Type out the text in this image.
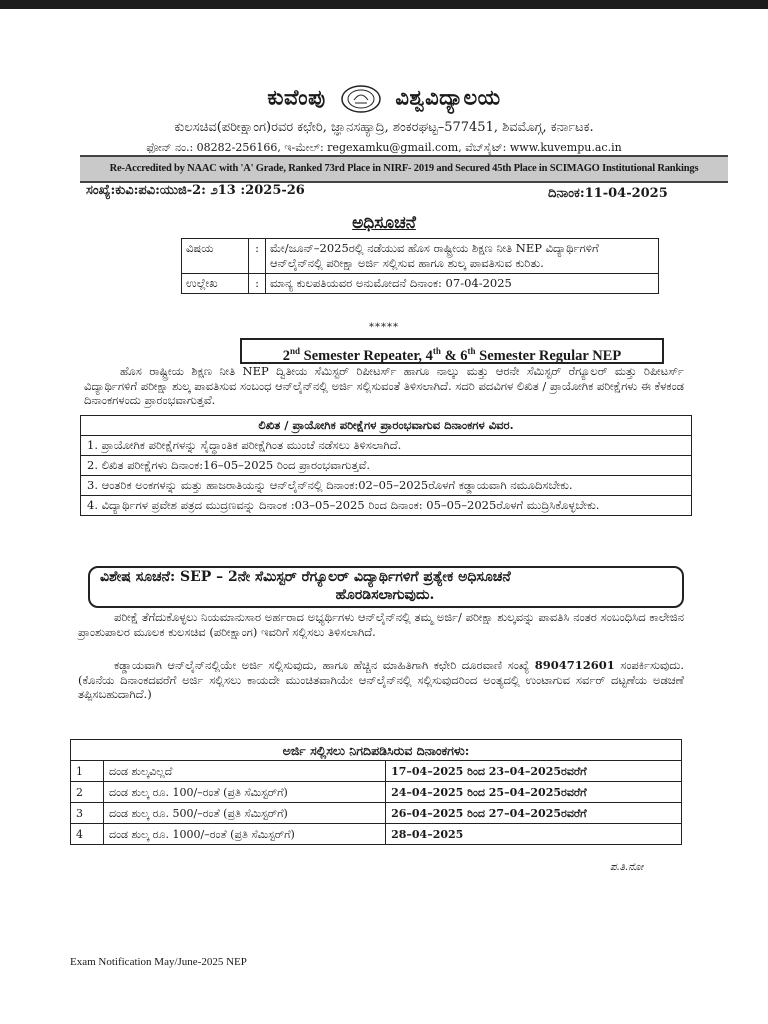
ಕುವೆಂಪು	ವಿಶ್ವವಿದ್ಯಾಲಯ
ಕುಲಸಚಿವ(ಪರೀಕ್ಷಾಂಗ)ರವರ ಕಛೇರಿ, ಜ್ಞಾನಸಹ್ಯಾದ್ರಿ, ಶಂಕರಘಟ್ಟ–577451, ಶಿವಮೊಗ್ಗ, ಕರ್ನಾಟಕ.
ಫೋನ್ ನಂ.: 08282-256166, ಇ-ಮೇಲ್: regexamku@gmail.com, ವೆಬ್‌ಸೈಟ್: www.kuvempu.ac.in
Re-Accredited by NAAC with 'A' Grade, Ranked 73rd Place in NIRF- 2019 and Secured 45th Place in SCIMAGO Institutional Rankings
ಸಂಖ್ಯೆ:ಕುವಿ:ಪವಿ:ಯುಜಿ-2: ೨13 :2025-26	ದಿನಾಂಕ:11-04-2025
ಅಧಿಸೂಚನೆ
ವಿಷಯ	:	ಮೇ/ಜೂನ್–2025ರಲ್ಲಿ ನಡೆಯುವ ಹೊಸ ರಾಷ್ಟ್ರೀಯ ಶಿಕ್ಷಣ ನೀತಿ NEP ವಿದ್ಯಾರ್ಥಿಗಳಿಗೆ ಆನ್‌ಲೈನ್‌ನಲ್ಲಿ ಪರೀಕ್ಷಾ ಅರ್ಜಿ ಸಲ್ಲಿಸುವ ಹಾಗೂ ಶುಲ್ಕ ಪಾವತಿಸುವ ಕುರಿತು.
ಉಲ್ಲೇಖ	:	ಮಾನ್ಯ ಕುಲಪತಿಯವರ ಅನುಮೋದನೆ ದಿನಾಂಕ: 07-04-2025
*****
2nd Semester Repeater, 4th & 6th Semester Regular NEP
ಹೊಸ ರಾಷ್ಟ್ರೀಯ ಶಿಕ್ಷಣ ನೀತಿ NEP ದ್ವಿತೀಯ ಸೆಮಿಸ್ಟರ್ ರಿಪೀಟರ್ಸ್ ಹಾಗೂ ನಾಲ್ಕು ಮತ್ತು ಆರನೇ ಸೆಮಿಸ್ಟರ್ ರೆಗ್ಯೂಲರ್ ಮತ್ತು ರಿಪೀಟರ್ಸ್ ವಿದ್ಯಾರ್ಥಿಗಳಿಗೆ ಪರೀಕ್ಷಾ ಶುಲ್ಕ ಪಾವತಿಸುವ ಸಂಬಂಧ ಆನ್‌ಲೈನ್‌ನಲ್ಲಿ ಅರ್ಜಿ ಸಲ್ಲಿಸುವಂತೆ ತಿಳಿಸಲಾಗಿದೆ. ಸದರಿ ಪದವಿಗಳ ಲಿಖಿತ / ಪ್ರಾಯೋಗಿಕ ಪರೀಕ್ಷೆಗಳು ಈ ಕೆಳಕಂಡ ದಿನಾಂಕಗಳಂದು ಪ್ರಾರಂಭವಾಗುತ್ತವೆ.
ಲಿಖಿತ / ಪ್ರಾಯೋಗಿಕ ಪರೀಕ್ಷೆಗಳ ಪ್ರಾರಂಭವಾಗುವ ದಿನಾಂಕಗಳ ವಿವರ.
1. ಪ್ರಾಯೋಗಿಕ ಪರೀಕ್ಷೆಗಳನ್ನು ಸೈದ್ಧಾಂತಿಕ ಪರೀಕ್ಷೆಗಿಂತ ಮುಂಚೆ ನಡೆಸಲು ತಿಳಿಸಲಾಗಿದೆ.
2. ಲಿಖಿತ ಪರೀಕ್ಷೆಗಳು ದಿನಾಂಕ:16–05–2025 ರಿಂದ ಪ್ರಾರಂಭವಾಗುತ್ತವೆ.
3. ಆಂತರಿಕ ಅಂಕಗಳನ್ನು ಮತ್ತು ಹಾಜರಾತಿಯನ್ನು ಆನ್‌ಲೈನ್‌ನಲ್ಲಿ ದಿನಾಂಕ:02–05–2025ರೊಳಗೆ ಕಡ್ಡಾಯವಾಗಿ ನಮೂದಿಸಬೇಕು.
4. ವಿದ್ಯಾರ್ಥಿಗಳ ಪ್ರವೇಶ ಪತ್ರದ ಮುದ್ರಣವನ್ನು ದಿನಾಂಕ :03–05–2025 ರಿಂದ ದಿನಾಂಕ: 05–05–2025ರೊಳಗೆ ಮುದ್ರಿಸಿಕೊಳ್ಳಬೇಕು.
ವಿಶೇಷ ಸೂಚನೆ: SEP – 2ನೇ ಸೆಮಿಸ್ಟರ್ ರೆಗ್ಯೂಲರ್ ವಿದ್ಯಾರ್ಥಿಗಳಿಗೆ ಪ್ರತ್ಯೇಕ ಅಧಿಸೂಚನೆ
ಹೊರಡಿಸಲಾಗುವುದು.
ಪರೀಕ್ಷೆ ತೆಗೆದುಕೊಳ್ಳಲು ನಿಯಮಾನುಸಾರ ಅರ್ಹರಾದ ಅಭ್ಯರ್ಥಿಗಳು ಆನ್‌ಲೈನ್‌ನಲ್ಲಿ ತಮ್ಮ ಅರ್ಜಿ/ ಪರೀಕ್ಷಾ ಶುಲ್ಕವನ್ನು ಪಾವತಿಸಿ ನಂತರ ಸಂಬಂಧಿಸಿದ ಕಾಲೇಜಿನ ಪ್ರಾಂಶುಪಾಲರ ಮೂಲಕ ಕುಲಸಚಿವ (ಪರೀಕ್ಷಾಂಗ) ಇವರಿಗೆ ಸಲ್ಲಿಸಲು ತಿಳಿಸಲಾಗಿದೆ.
ಕಡ್ಡಾಯವಾಗಿ ಆನ್‌ಲೈನ್‌ನಲ್ಲಿಯೇ ಅರ್ಜಿ ಸಲ್ಲಿಸುವುದು, ಹಾಗೂ ಹೆಚ್ಚಿನ ಮಾಹಿತಿಗಾಗಿ ಕಛೇರಿ ದೂರವಾಣಿ ಸಂಖ್ಯೆ 8904712601 ಸಂಪರ್ಕಿಸುವುದು. (ಕೊನೆಯ ದಿನಾಂಕದವರೆಗೆ ಅರ್ಜಿ ಸಲ್ಲಿಸಲು ಕಾಯದೇ ಮುಂಚಿತವಾಗಿಯೇ ಆನ್‌ಲೈನ್‌ನಲ್ಲಿ ಸಲ್ಲಿಸುವುದರಿಂದ ಅಂತ್ಯದಲ್ಲಿ ಉಂಟಾಗುವ ಸರ್ವರ್ ದಟ್ಟಣೆಯ ಅಡಚಣೆ ತಪ್ಪಿಸಬಹುದಾಗಿದೆ.)
ಅರ್ಜಿ ಸಲ್ಲಿಸಲು ನಿಗದಿಪಡಿಸಿರುವ ದಿನಾಂಕಗಳು:		
1	ದಂಡ ಶುಲ್ಕವಿಲ್ಲದೆ	17–04–2025 ರಿಂದ 23–04–2025ರವರೆಗೆ
2	ದಂಡ ಶುಲ್ಕ ರೂ. 100/–ರಂತೆ (ಪ್ರತಿ ಸೆಮಿಸ್ಟರ್‌ಗೆ)	24–04–2025 ರಿಂದ 25–04–2025ರವರೆಗೆ
3	ದಂಡ ಶುಲ್ಕ ರೂ. 500/–ರಂತೆ (ಪ್ರತಿ ಸೆಮಿಸ್ಟರ್‌ಗೆ)	26–04–2025 ರಿಂದ 27–04–2025ರವರೆಗೆ
4	ದಂಡ ಶುಲ್ಕ ರೂ. 1000/–ರಂತೆ (ಪ್ರತಿ ಸೆಮಿಸ್ಟರ್‌ಗೆ)	28–04–2025
ಪ.ತಿ.ನೋ
Exam Notification May/June-2025 NEP
